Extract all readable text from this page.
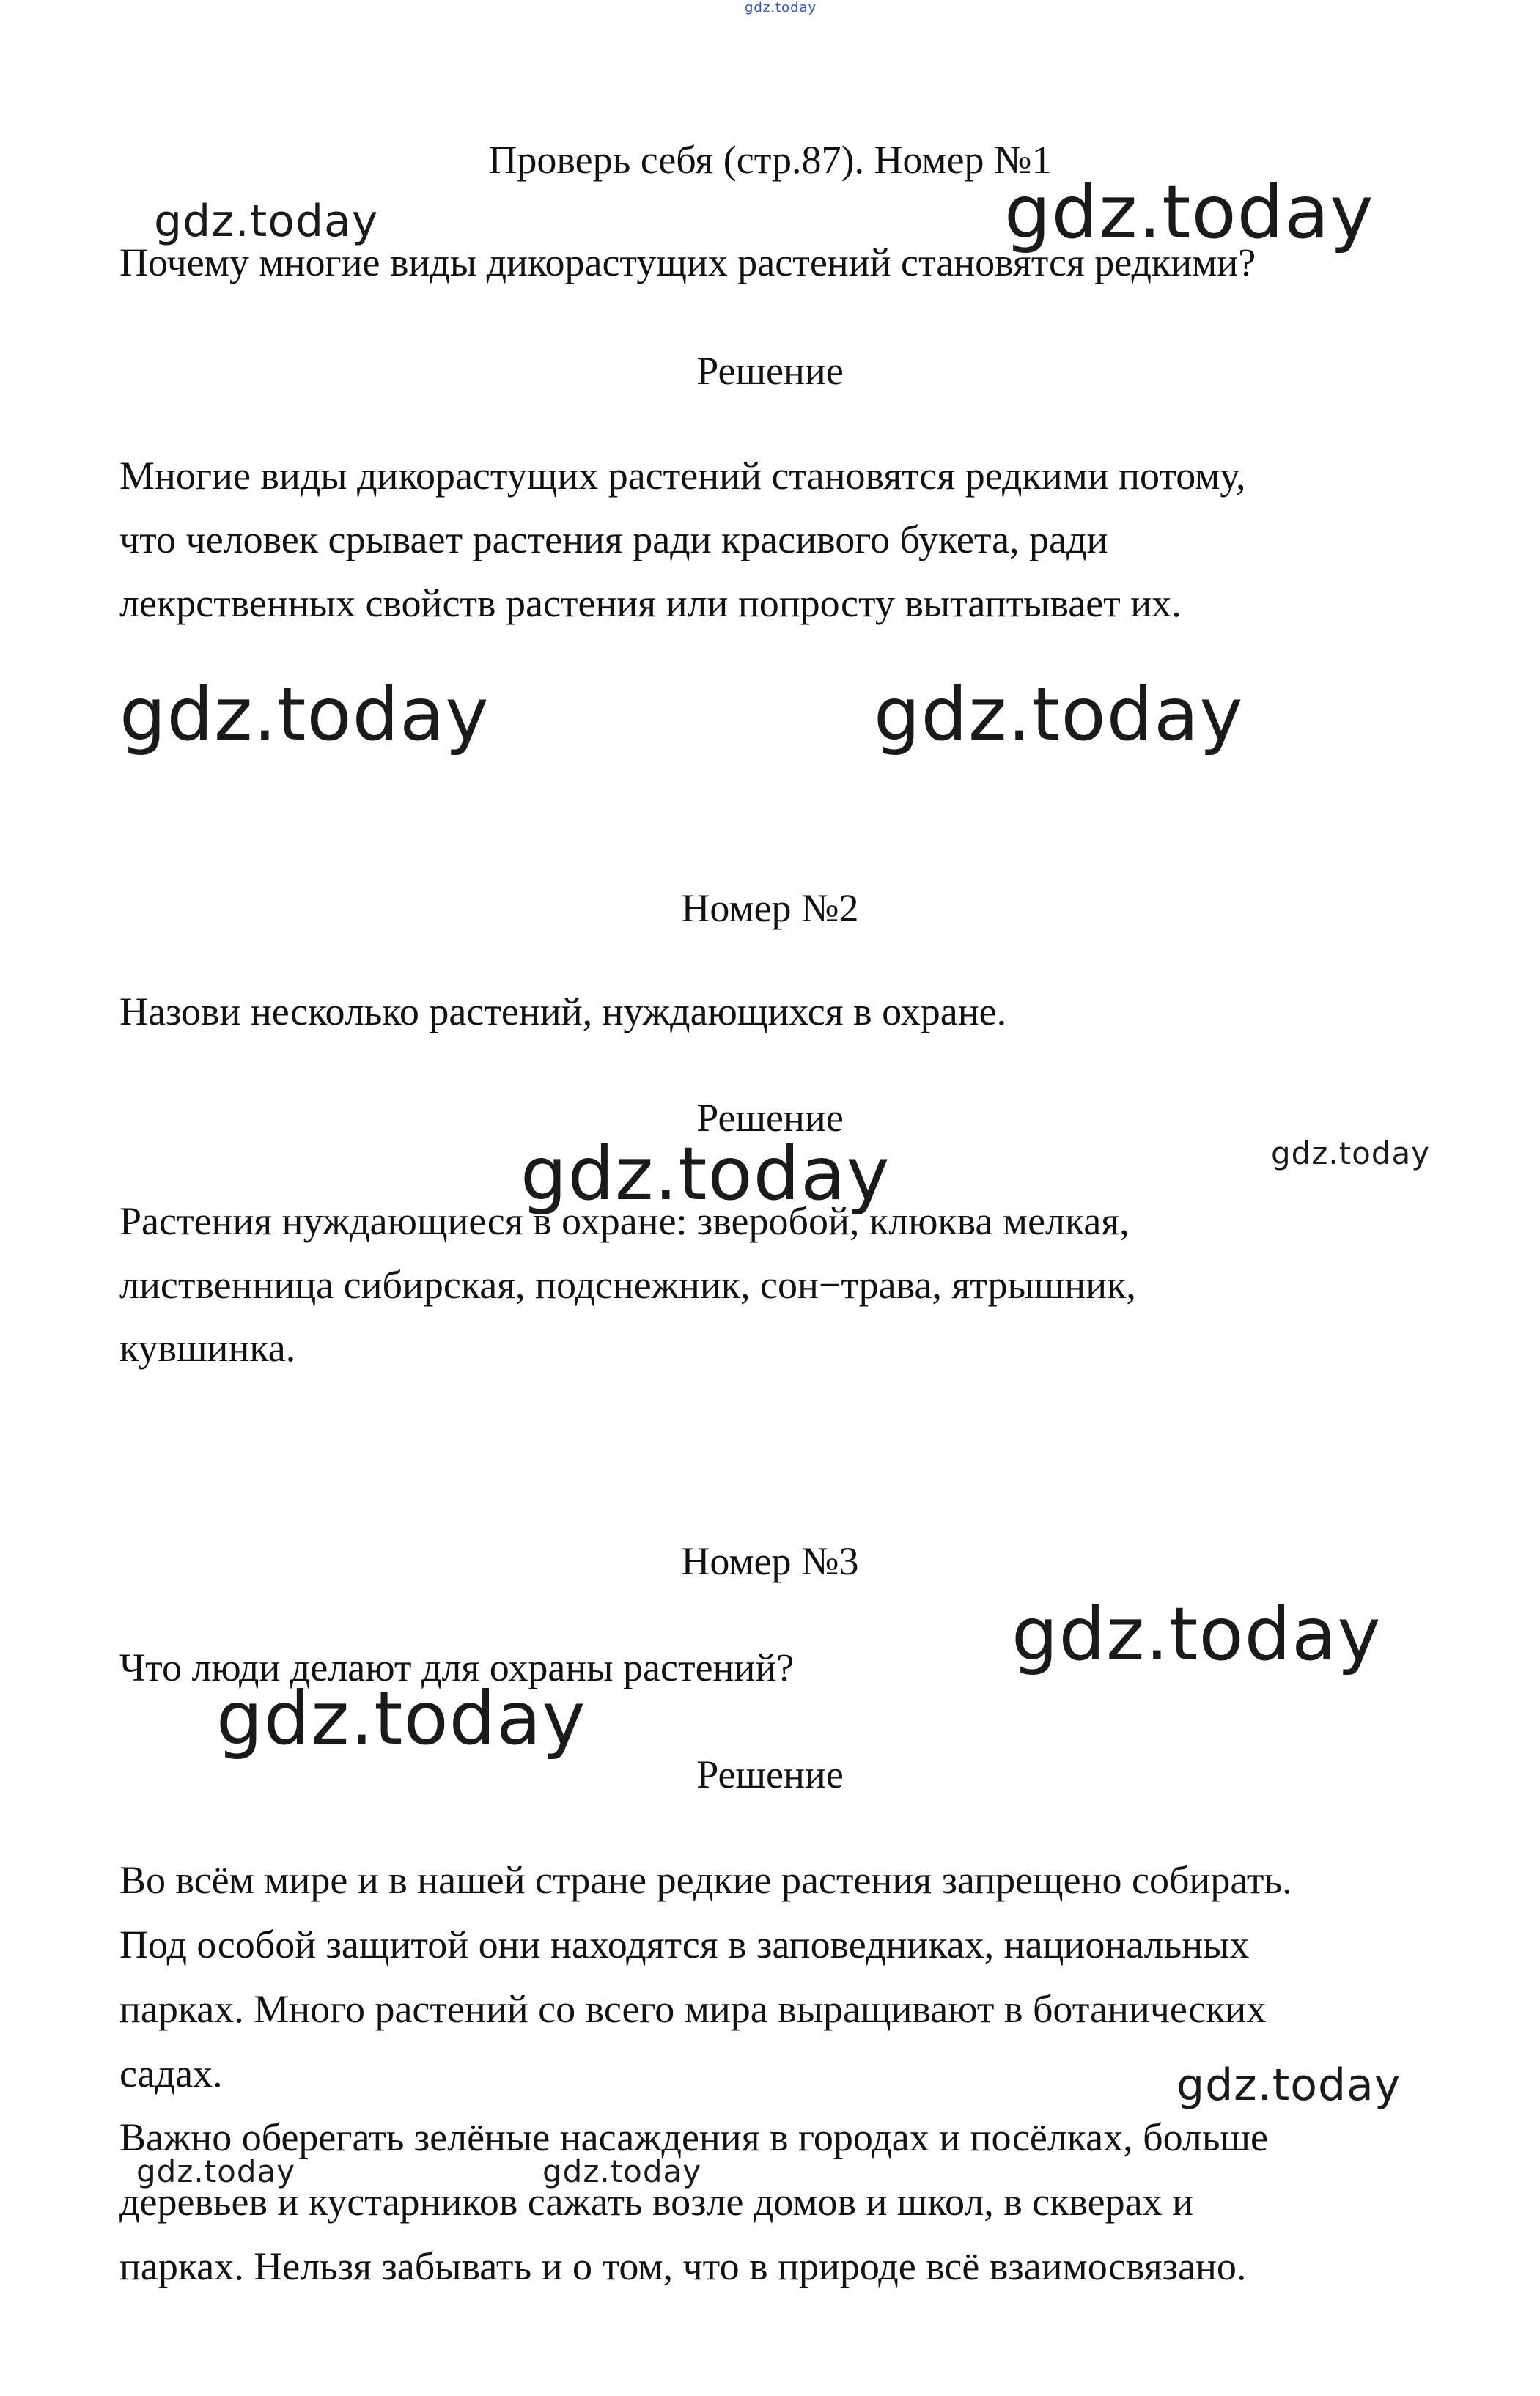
gdz.today
Проверь себя (стр.87). Номер №1
Почему многие виды дикорастущих растений становятся редкими?
Решение
Многие виды дикорастущих растений становятся редкими потому,
что человек срывает растения ради красивого букета, ради
лекрственных свойств растения или попросту вытаптывает их.
Номер №2
Назови несколько растений, нуждающихся в охране.
Решение
Растения нуждающиеся в охране: зверобой, клюква мелкая,
лиственница сибирская, подснежник, сон−трава, ятрышник,
кувшинка.
Номер №3
Что люди делают для охраны растений?
Решение
Во всём мире и в нашей стране редкие растения запрещено собирать.
Под особой защитой они находятся в заповедниках, национальных
парках. Много растений со всего мира выращивают в ботанических
садах.
Важно оберегать зелёные насаждения в городах и посёлках, больше
деревьев и кустарников сажать возле домов и школ, в скверах и
парках. Нельзя забывать и о том, что в природе всё взаимосвязано.
gdz.today	gdz.today
gdz.today	gdz.today
gdz.today	gdz.today
gdz.today
gdz.today
gdz.today
gdz.today	gdz.today
